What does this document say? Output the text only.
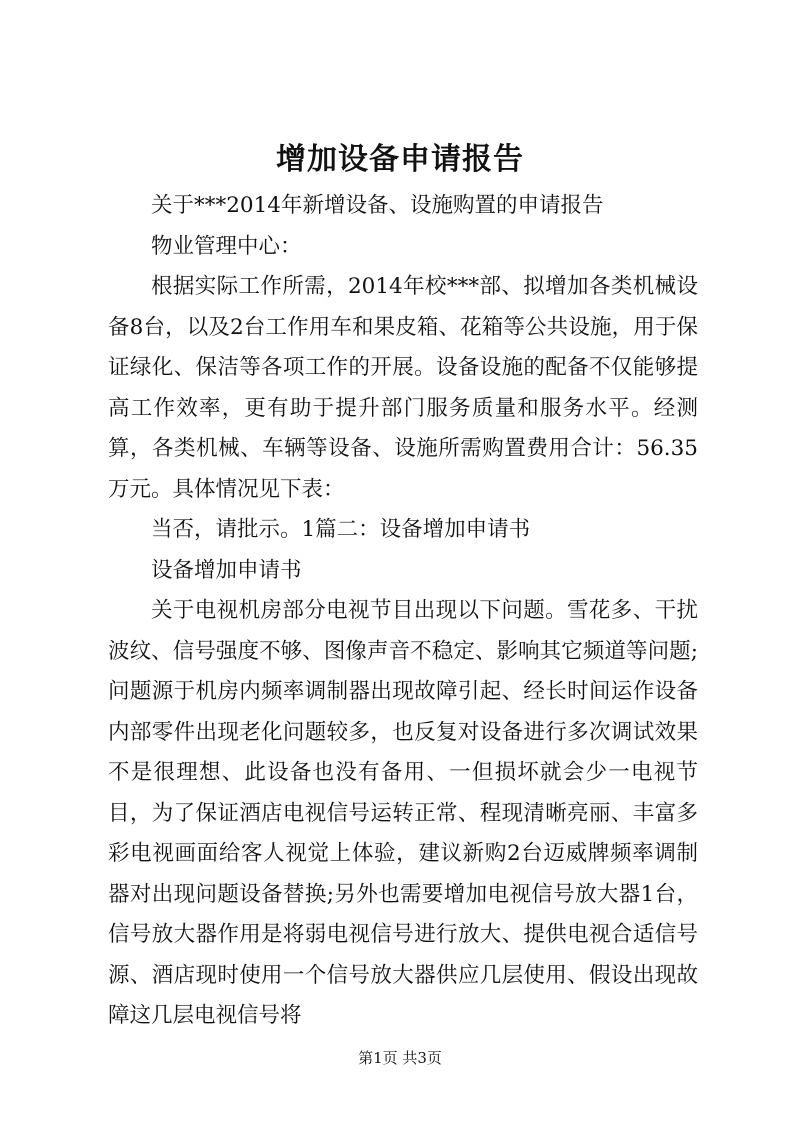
增加设备申请报告

关于***2014年新增设备、设施购置的申请报告

物业管理中心：

根据实际工作所需，2014年校***部、拟增加各类机械设备8台，以及2台工作用车和果皮箱、花箱等公共设施，用于保证绿化、保洁等各项工作的开展。设备设施的配备不仅能够提高工作效率，更有助于提升部门服务质量和服务水平。经测算，各类机械、车辆等设备、设施所需购置费用合计：56.35万元。具体情况见下表：

当否，请批示。1篇二：设备增加申请书

设备增加申请书

关于电视机房部分电视节目出现以下问题。雪花多、干扰波纹、信号强度不够、图像声音不稳定、影响其它频道等问题;问题源于机房内频率调制器出现故障引起、经长时间运作设备内部零件出现老化问题较多，也反复对设备进行多次调试效果不是很理想、此设备也没有备用、一但损坏就会少一电视节目，为了保证酒店电视信号运转正常、程现清晰亮丽、丰富多彩电视画面给客人视觉上体验，建议新购2台迈威牌频率调制器对出现问题设备替换;另外也需要增加电视信号放大器1台，信号放大器作用是将弱电视信号进行放大、提供电视合适信号源、酒店现时使用一个信号放大器供应几层使用、假设出现故障这几层电视信号将

第1页 共3页
